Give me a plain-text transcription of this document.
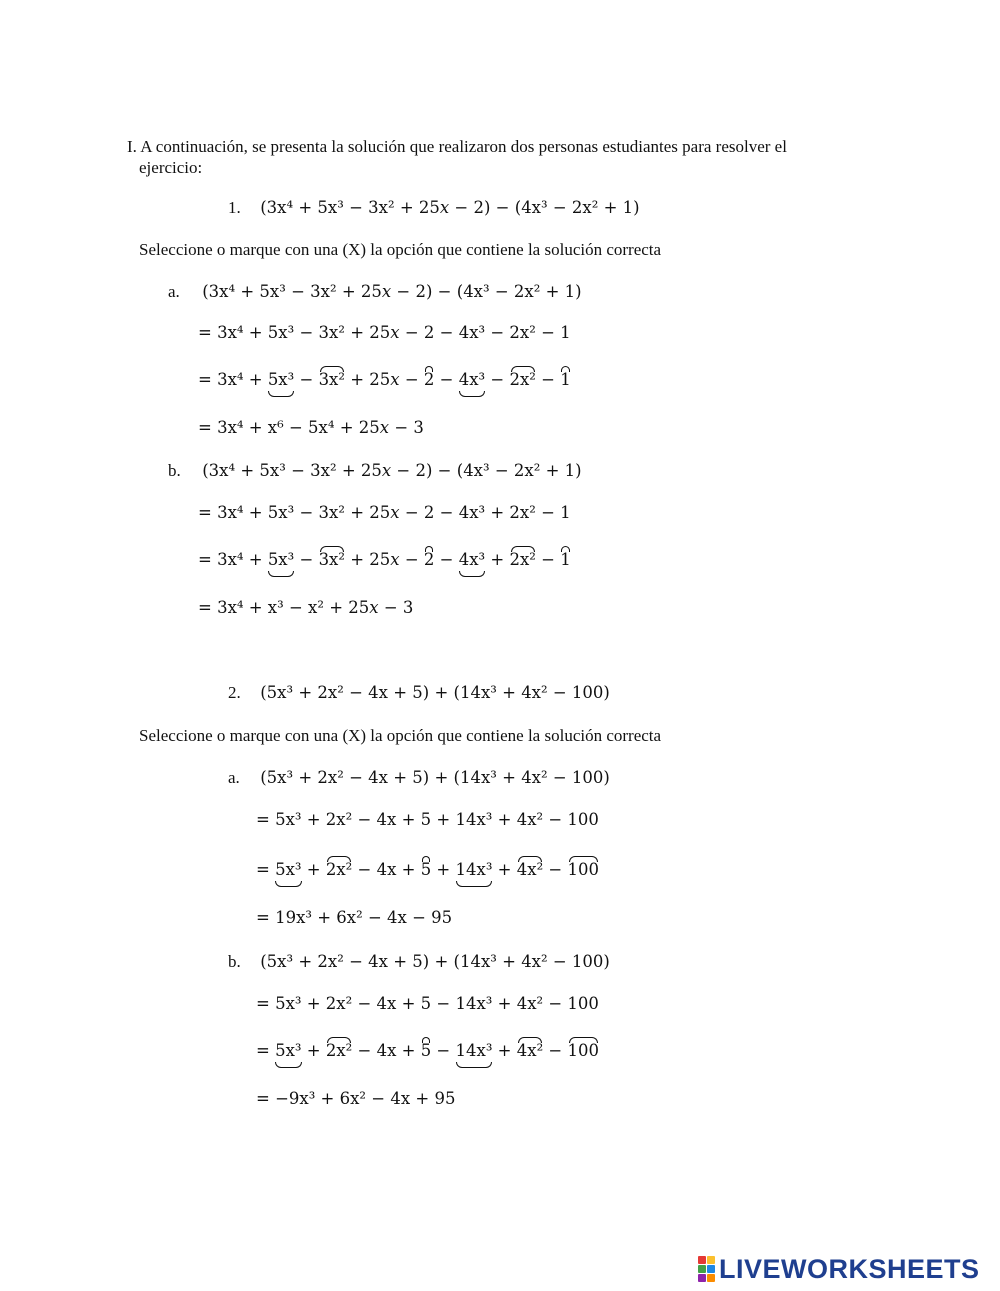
I. A continuación, se presenta la solución que realizaron dos personas estudiantes para resolver el
ejercicio:
1. (3x⁴ + 5x³ − 3x² + 25𝑥 − 2) − (4x³ − 2x² + 1)
Seleccione o marque con una (X) la opción que contiene la solución correcta
a. (3x⁴ + 5x³ − 3x² + 25𝑥 − 2) − (4x³ − 2x² + 1)
= 3x⁴ + 5x³ − 3x² + 25𝑥 − 2 − 4x³ − 2x² − 1
= 3x⁴ + 5x³ − 3x² + 25𝑥 − 2 − 4x³ − 2x² − 1
= 3x⁴ + x⁶ − 5x⁴ + 25𝑥 − 3
b. (3x⁴ + 5x³ − 3x² + 25𝑥 − 2) − (4x³ − 2x² + 1)
= 3x⁴ + 5x³ − 3x² + 25𝑥 − 2 − 4x³ + 2x² − 1
= 3x⁴ + 5x³ − 3x² + 25𝑥 − 2 − 4x³ + 2x² − 1
= 3x⁴ + x³ − x² + 25𝑥 − 3
2. (5x³ + 2x² − 4x + 5) + (14x³ + 4x² − 100)
Seleccione o marque con una (X) la opción que contiene la solución correcta
a. (5x³ + 2x² − 4x + 5) + (14x³ + 4x² − 100)
= 5x³ + 2x² − 4x + 5 + 14x³ + 4x² − 100
= 5x³ + 2x² − 4x + 5 + 14x³ + 4x² − 100
= 19x³ + 6x² − 4x − 95
b. (5x³ + 2x² − 4x + 5) + (14x³ + 4x² − 100)
= 5x³ + 2x² − 4x + 5 − 14x³ + 4x² − 100
= 5x³ + 2x² − 4x + 5 − 14x³ + 4x² − 100
= −9x³ + 6x² − 4x + 95
LIVEWORKSHEETS
